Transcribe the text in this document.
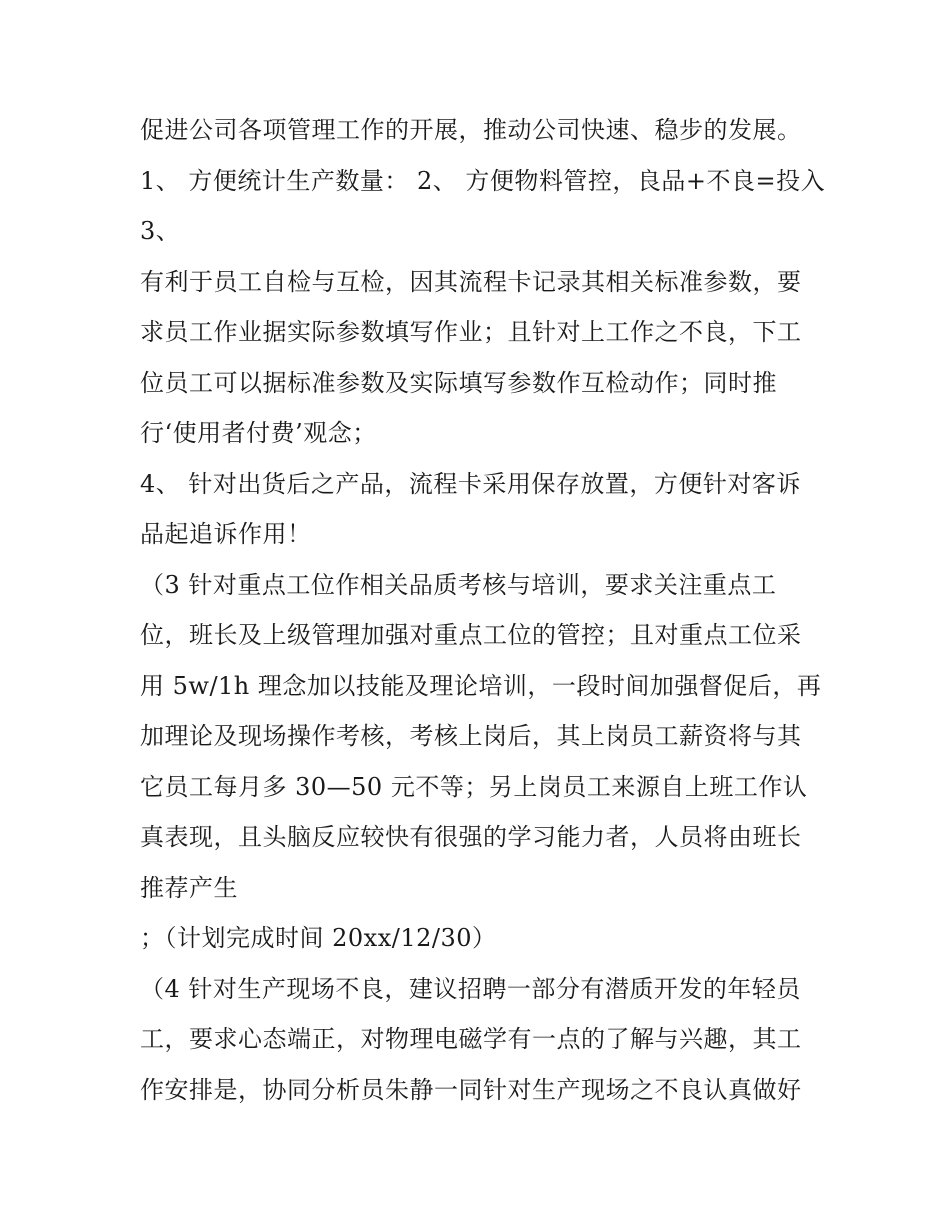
促进公司各项管理工作的开展，推动公司快速、稳步的发展。
1、 方便统计生产数量： 2、 方便物料管控，良品+不良=投入
3、
有利于员工自检与互检，因其流程卡记录其相关标准参数，要
求员工作业据实际参数填写作业；且针对上工作之不良，下工
位员工可以据标准参数及实际填写参数作互检动作；同时推
行‘使用者付费’观念；
4、 针对出货后之产品，流程卡采用保存放置，方便针对客诉
品起追诉作用！
（3 针对重点工位作相关品质考核与培训，要求关注重点工
位，班长及上级管理加强对重点工位的管控；且对重点工位采
用 5w/1h 理念加以技能及理论培训，一段时间加强督促后，再
加理论及现场操作考核，考核上岗后，其上岗员工薪资将与其
它员工每月多 30—50 元不等；另上岗员工来源自上班工作认
真表现，且头脑反应较快有很强的学习能力者，人员将由班长
推荐产生
；（计划完成时间 20xx/12/30）
（4 针对生产现场不良，建议招聘一部分有潜质开发的年轻员
工，要求心态端正，对物理电磁学有一点的了解与兴趣，其工
作安排是，协同分析员朱静一同针对生产现场之不良认真做好
